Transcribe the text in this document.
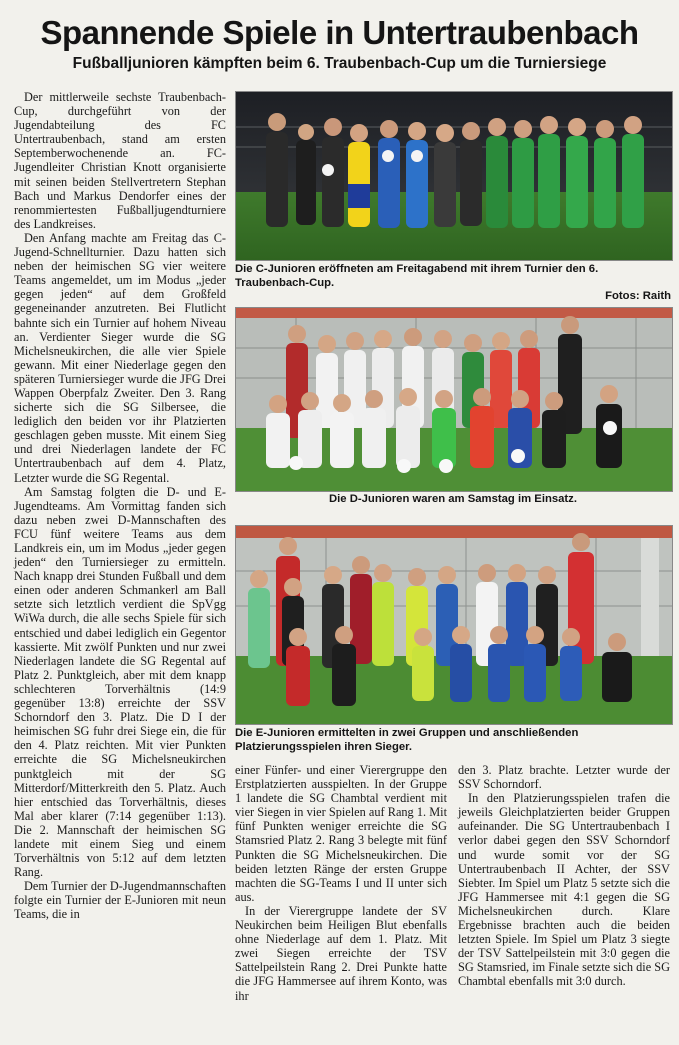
Spannende Spiele in Untertraubenbach
Fußballjunioren kämpften beim 6. Traubenbach-Cup um die Turniersiege

Der mittlerweile sechste Traubenbach-Cup, durchgeführt von der Jugendabteilung des FC Untertraubenbach, stand am ersten Septemberwochenende an. FC-Jugendleiter Christian Knott organisierte mit seinen beiden Stellvertretern Stephan Bach und Markus Dendorfer eines der renommiertesten Fußballjugendturniere des Landkreises.

Den Anfang machte am Freitag das C-Jugend-Schnellturnier. Dazu hatten sich neben der heimischen SG vier weitere Teams angemeldet, um im Modus „jeder gegen jeden“ auf dem Großfeld gegeneinander anzutreten. Bei Flutlicht bahnte sich ein Turnier auf hohem Niveau an. Verdienter Sieger wurde die SG Michelsneukirchen, die alle vier Spiele gewann. Mit einer Niederlage gegen den späteren Turniersieger wurde die JFG Drei Wappen Oberpfalz Zweiter. Den 3. Rang sicherte sich die SG Silbersee, die lediglich den beiden vor ihr Platzierten geschlagen geben musste. Mit einem Sieg und drei Niederlagen landete der FC Untertraubenbach auf dem 4. Platz, Letzter wurde die SG Regental.

Am Samstag folgten die D- und E-Jugendteams. Am Vormittag fanden sich dazu neben zwei D-Mannschaften des FCU fünf weitere Teams aus dem Landkreis ein, um im Modus „jeder gegen jeden“ den Turniersieger zu ermitteln. Nach knapp drei Stunden Fußball und dem einen oder anderen Schmankerl am Ball setzte sich letztlich verdient die SpVgg WiWa durch, die alle sechs Spiele für sich entschied und dabei lediglich ein Gegentor kassierte. Mit zwölf Punkten und nur zwei Niederlagen landete die SG Regental auf Platz 2. Punktgleich, aber mit dem knapp schlechteren Torverhältnis (14:9 gegenüber 13:8) erreichte der SSV Schorndorf den 3. Platz. Die D I der heimischen SG fuhr drei Siege ein, die für den 4. Platz reichten. Mit vier Punkten erreichte die SG Michelsneukirchen punktgleich mit der SG Mitterdorf/Mitterkreith den 5. Platz. Auch hier entschied das Torverhältnis, dieses Mal aber klarer (7:14 gegenüber 1:13). Die 2. Mannschaft der heimischen SG landete mit einem Sieg und einem Torverhältnis von 5:12 auf dem letzten Rang.

Dem Turnier der D-Jugendmannschaften folgte ein Turnier der E-Junioren mit neun Teams, die in

Die C-Junioren eröffneten am Freitagabend mit ihrem Turnier den 6. Traubenbach-Cup.
Fotos: Raith
Die D-Junioren waren am Samstag im Einsatz.
Die E-Junioren ermittelten in zwei Gruppen und anschließenden Platzierungsspielen ihren Sieger.

einer Fünfer- und einer Vierergruppe den Erstplatzierten ausspielten. In der Gruppe 1 landete die SG Chambtal verdient mit vier Siegen in vier Spielen auf Rang 1. Mit fünf Punkten weniger erreichte die SG Stamsried Platz 2. Rang 3 belegte mit fünf Punkten die SG Michelsneukirchen. Die beiden letzten Ränge der ersten Gruppe machten die SG-Teams I und II unter sich aus.

In der Vierergruppe landete der SV Neukirchen beim Heiligen Blut ebenfalls ohne Niederlage auf dem 1. Platz. Mit zwei Siegen erreichte der TSV Sattelpeilstein Rang 2. Drei Punkte hatte die JFG Hammersee auf ihrem Konto, was ihr

den 3. Platz brachte. Letzter wurde der SSV Schorndorf.

In den Platzierungsspielen trafen die jeweils Gleichplatzierten beider Gruppen aufeinander. Die SG Untertraubenbach I verlor dabei gegen den SSV Schorndorf und wurde somit vor der SG Untertraubenbach II Achter, der SSV Siebter. Im Spiel um Platz 5 setzte sich die JFG Hammersee mit 4:1 gegen die SG Michelsneukirchen durch. Klare Ergebnisse brachten auch die beiden letzten Spiele. Im Spiel um Platz 3 siegte der TSV Sattelpeilstein mit 3:0 gegen die SG Stamsried, im Finale setzte sich die SG Chambtal ebenfalls mit 3:0 durch.
